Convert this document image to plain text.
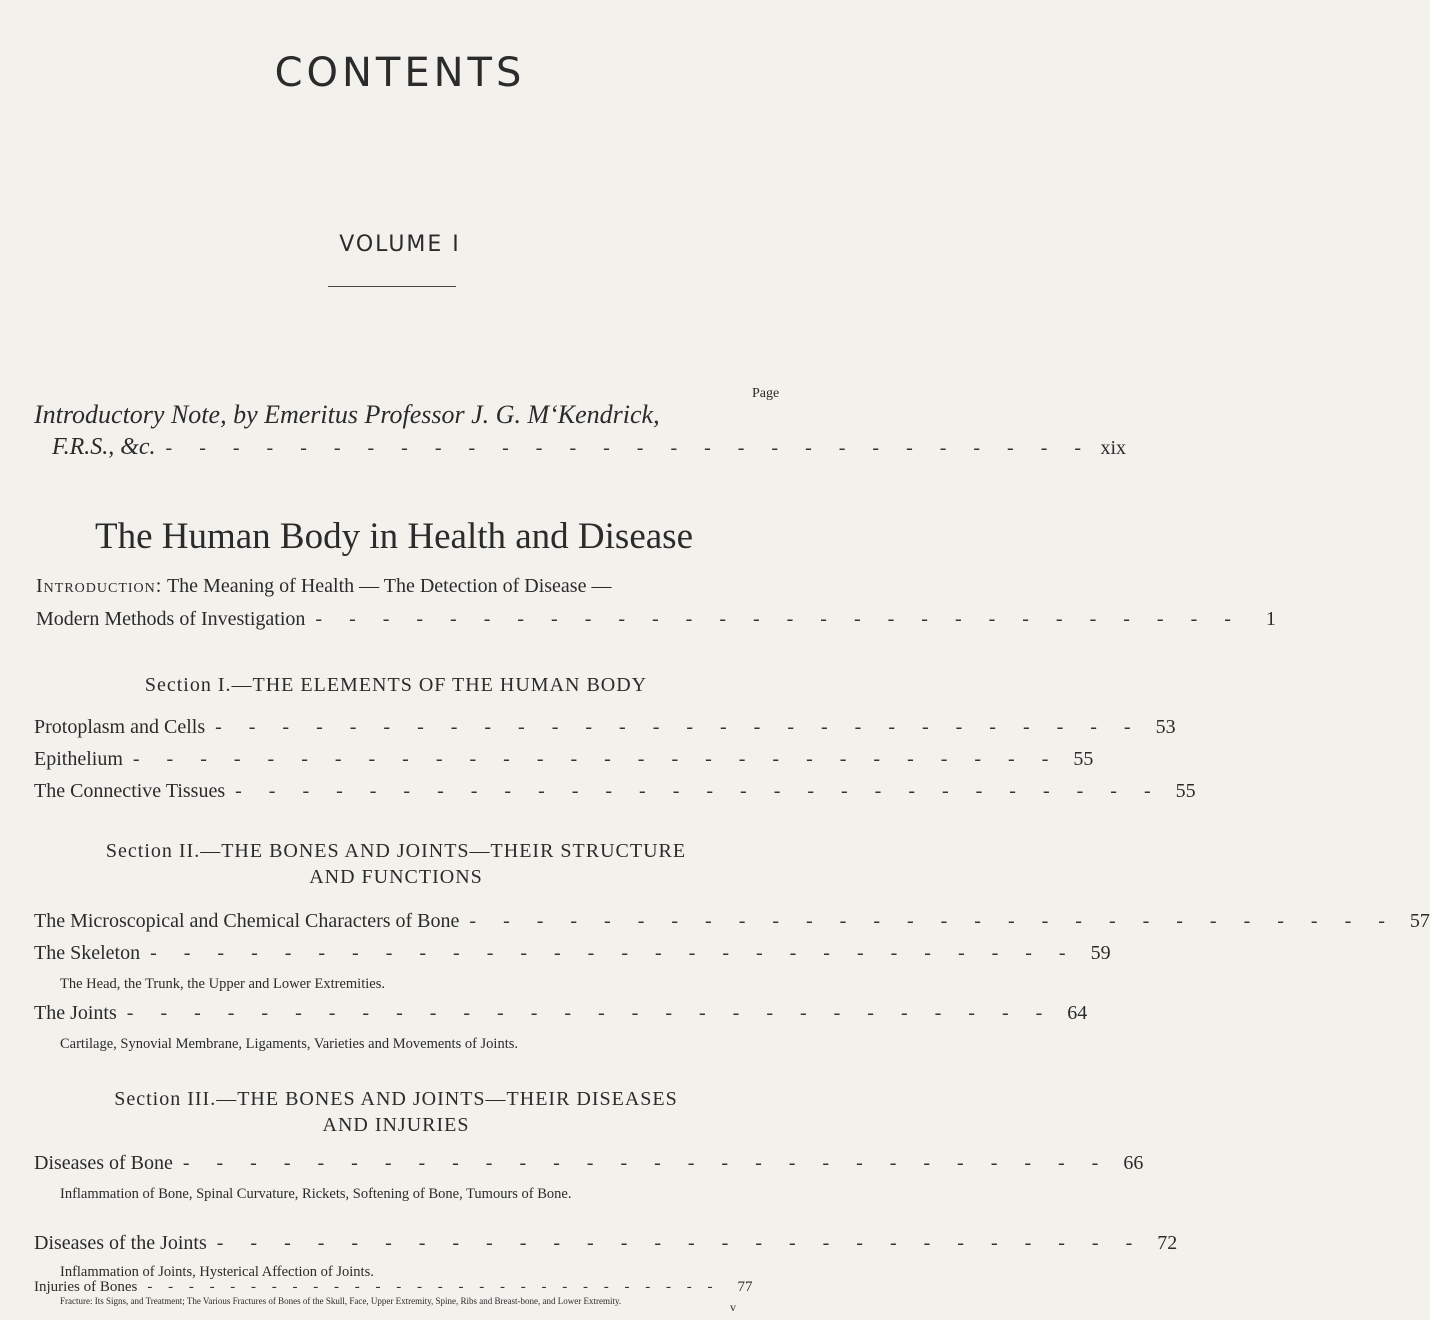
CONTENTS
VOLUME I
Page
Introductory Note, by Emeritus Professor J. G. M‘Kendrick,
F.R.S., &c. - - - - - - - - - - - - - - - - - - - - - - - - - - - - xix
The Human Body in Health and Disease
Introduction: The Meaning of Health — The Detection of Disease —
Modern Methods of Investigation - - - - - - - - - - - - - - - - - - - - - - - - - - - -	1
Section I.—THE ELEMENTS OF THE HUMAN BODY
Protoplasm and Cells - - - - - - - - - - - - - - - - - - - - - - - - - - - - 53
Epithelium - - - - - - - - - - - - - - - - - - - - - - - - - - - - 55
The Connective Tissues - - - - - - - - - - - - - - - - - - - - - - - - - - - - 55
Section II.—THE BONES AND JOINTS—THEIR STRUCTURE
AND FUNCTIONS
The Microscopical and Chemical Characters of Bone - - - - - - - - - - - - - - - - - - - - - - - - - - - - 57
The Skeleton - - - - - - - - - - - - - - - - - - - - - - - - - - - - 59
The Head, the Trunk, the Upper and Lower Extremities.
The Joints - - - - - - - - - - - - - - - - - - - - - - - - - - - - 64
Cartilage, Synovial Membrane, Ligaments, Varieties and Movements of Joints.
Section III.—THE BONES AND JOINTS—THEIR DISEASES
AND INJURIES
Diseases of Bone - - - - - - - - - - - - - - - - - - - - - - - - - - - - 66
Inflammation of Bone, Spinal Curvature, Rickets, Softening of Bone, Tumours of Bone.
Diseases of the Joints - - - - - - - - - - - - - - - - - - - - - - - - - - - - 72
Inflammation of Joints, Hysterical Affection of Joints.
Injuries of Bones - - - - - - - - - - - - - - - - - - - - - - - - - - - -	77
Fracture: Its Signs, and Treatment; The Various Fractures of Bones of the Skull, Face, Upper Extremity, Spine, Ribs and Breast-bone, and Lower Extremity.	v
